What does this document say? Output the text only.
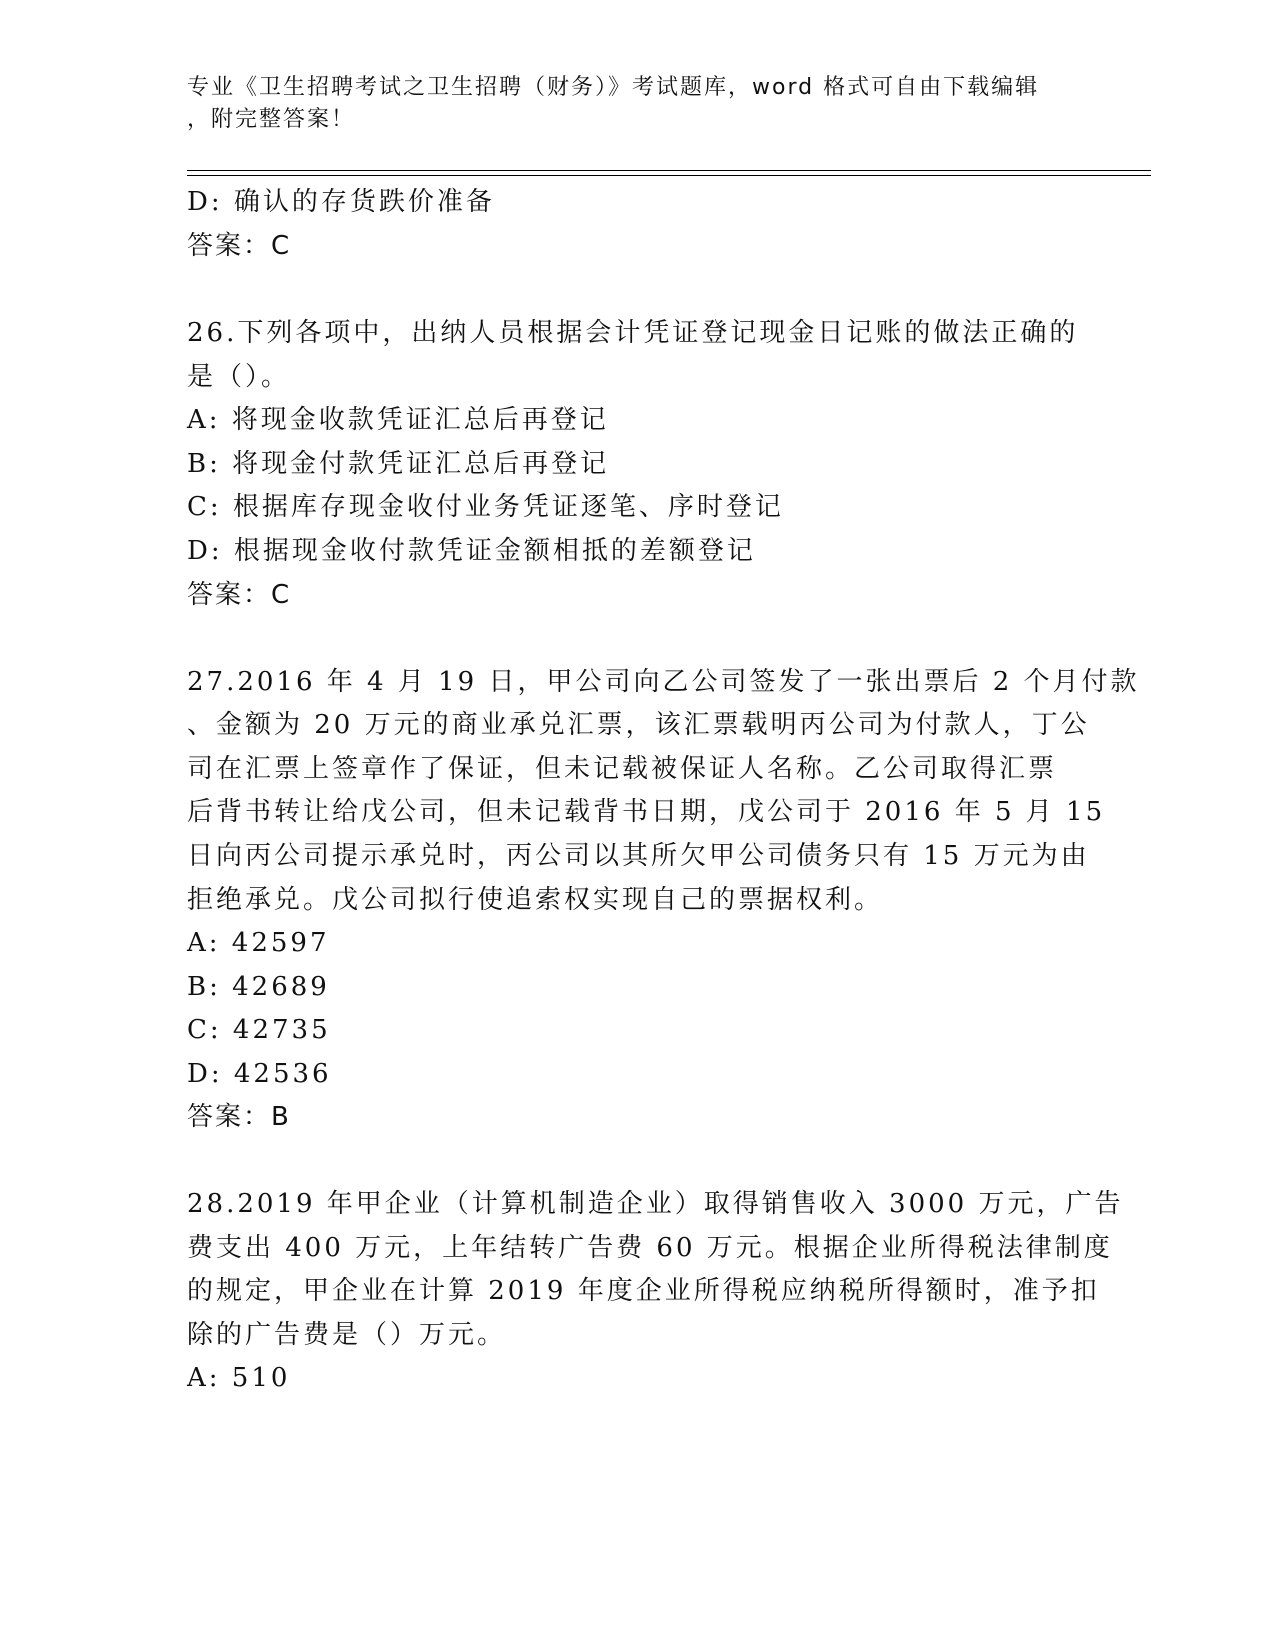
专业《卫生招聘考试之卫生招聘（财务）》考试题库，word 格式可自由下载编辑
，附完整答案！
D: 确认的存货跌价准备
答案：C
26.下列各项中，出纳人员根据会计凭证登记现金日记账的做法正确的
是（）。
A: 将现金收款凭证汇总后再登记
B: 将现金付款凭证汇总后再登记
C: 根据库存现金收付业务凭证逐笔、序时登记
D: 根据现金收付款凭证金额相抵的差额登记
答案：C
27.2016 年 4 月 19 日，甲公司向乙公司签发了一张出票后 2 个月付款
、金额为 20 万元的商业承兑汇票，该汇票载明丙公司为付款人，丁公
司在汇票上签章作了保证，但未记载被保证人名称。乙公司取得汇票
后背书转让给戊公司，但未记载背书日期，戊公司于 2016 年 5 月 15
日向丙公司提示承兑时，丙公司以其所欠甲公司债务只有 15 万元为由
拒绝承兑。戊公司拟行使追索权实现自己的票据权利。
A: 42597
B: 42689
C: 42735
D: 42536
答案：B
28.2019 年甲企业（计算机制造企业）取得销售收入 3000 万元，广告
费支出 400 万元，上年结转广告费 60 万元。根据企业所得税法律制度
的规定，甲企业在计算 2019 年度企业所得税应纳税所得额时，准予扣
除的广告费是（）万元。
A: 510
